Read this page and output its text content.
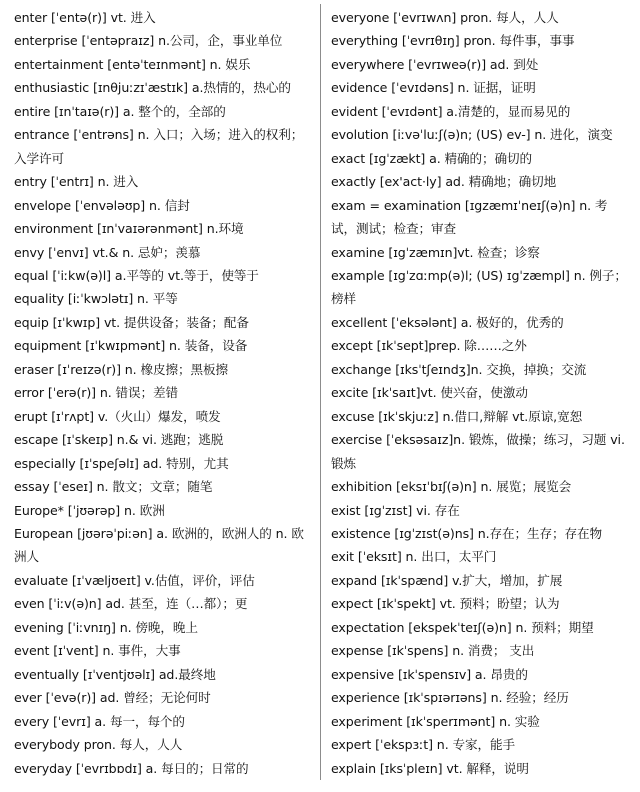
enter [ˈentə(r)] vt. 进入

enterprise [ˈentəpraɪz] n.公司，企，事业单位

entertainment [entəˈteɪnmənt] n. 娱乐

enthusiastic [ɪnθjuːzɪˈæstɪk] a.热情的，热心的

entire [ɪnˈtaɪə(r)] a. 整个的，全部的

entrance [ˈentrəns] n. 入口；入场；进入的权利；入学许可

entry [ˈentrɪ] n. 进入

envelope [ˈenvələʊp] n. 信封

environment [ɪnˈvaɪərənmənt] n.环境

envy [ˈenvɪ] vt.& n. 忌妒；羡慕

equal [ˈiːkw(ə)l] a.平等的 vt.等于，使等于

equality [iːˈkwɔlətɪ] n. 平等

equip [ɪˈkwɪp] vt. 提供设备；装备；配备

equipment [ɪˈkwɪpmənt] n. 装备，设备

eraser [ɪˈreɪzə(r)] n. 橡皮擦；黑板擦

error [ˈerə(r)] n. 错误；差错

erupt [ɪˈrʌpt] v.（火山）爆发，喷发

escape [ɪˈskeɪp] n.& vi. 逃跑；逃脱

especially [ɪˈspeʃəlɪ] ad. 特别，尤其

essay [ˈeseɪ] n. 散文；文章；随笔

Europe* [ˈjʊərəp] n. 欧洲

European [jʊərəˈpiːən] a. 欧洲的，欧洲人的 n. 欧洲人

evaluate [ɪˈvæljʊeɪt] v.估值，评价，评估

even [ˈiːv(ə)n] ad. 甚至，连（…都）；更

evening [ˈiːvnɪŋ] n. 傍晚，晚上

event [ɪˈvent] n. 事件，大事

eventually [ɪˈventjʊəlɪ] ad.最终地

ever [ˈevə(r)] ad. 曾经；无论何时

every [ˈevrɪ] a. 每一，每个的

everybody pron. 每人，人人

everyday [ˈevrɪbɒdɪ] a. 每日的；日常的

everyone [ˈevrɪwʌn] pron. 每人，人人

everything [ˈevrɪθɪŋ] pron. 每件事，事事

everywhere [ˈevrɪweə(r)] ad. 到处

evidence [ˈevɪdəns] n. 证据，证明

evident [ˈevɪdənt] a.清楚的，显而易见的

evolution [iːvəˈluːʃ(ə)n; (US) ev-] n. 进化，演变

exact [ɪgˈzækt] a. 精确的；确切的

exactly [ex'act·ly] ad. 精确地；确切地

exam = examination [ɪgzæmɪˈneɪʃ(ə)n] n. 考试，测试；检查；审查

examine [ɪgˈzæmɪn]vt. 检查；诊察

example [ɪgˈzɑːmp(ə)l; (US) ɪgˈzæmpl] n. 例子；榜样

excellent [ˈeksələnt] a. 极好的，优秀的

except [ɪkˈsept]prep. 除……之外

exchange [ɪksˈtʃeɪndʒ]n. 交换，掉换；交流

excite [ɪkˈsaɪt]vt. 使兴奋，使激动

excuse [ɪkˈskjuːz] n.借口,辩解 vt.原谅,宽恕

exercise [ˈeksəsaɪz]n. 锻炼，做操；练习，习题 vi. 锻炼

exhibition [eksɪˈbɪʃ(ə)n] n. 展览；展览会

exist [ɪgˈzɪst] vi. 存在

existence [ɪgˈzɪst(ə)ns] n.存在；生存；存在物

exit [ˈeksɪt] n. 出口，太平门

expand [ɪkˈspænd] v.扩大，增加，扩展

expect [ɪkˈspekt] vt. 预料；盼望；认为

expectation [ekspekˈteɪʃ(ə)n] n. 预料；期望

expense [ɪkˈspens] n. 消费； 支出

expensive [ɪkˈspensɪv] a. 昂贵的

experience [ɪkˈspɪərɪəns] n. 经验；经历

experiment [ɪkˈsperɪmənt] n. 实验

expert [ˈekspɜːt] n. 专家，能手

explain [ɪksˈpleɪn] vt. 解释，说明
